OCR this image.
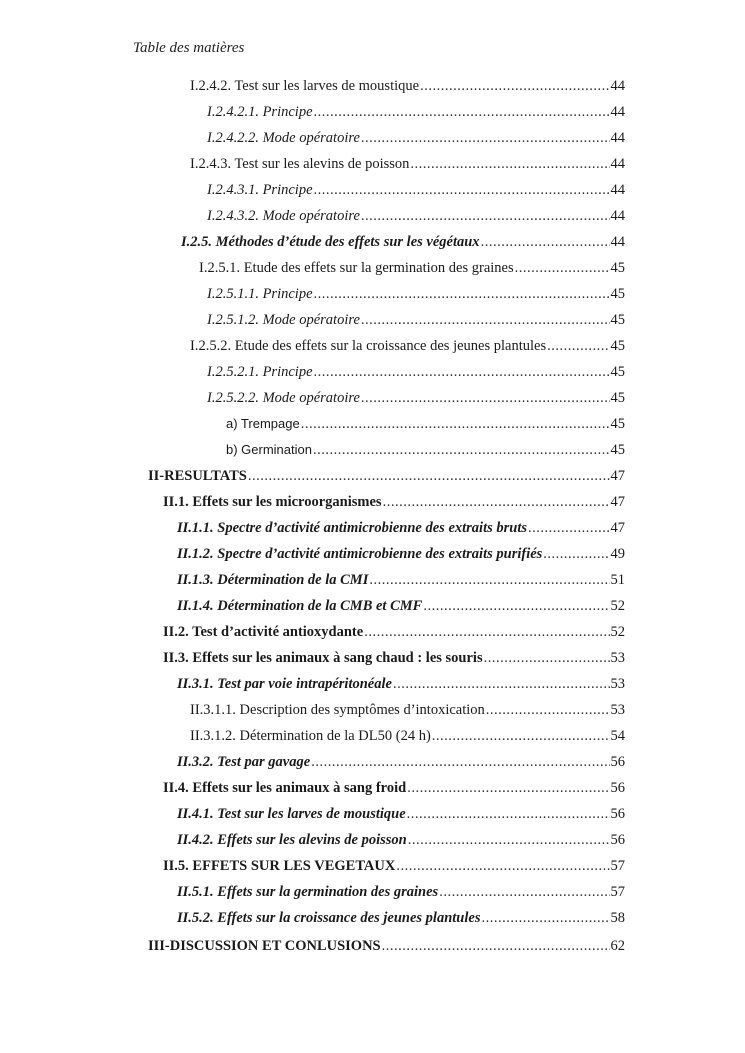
Table des matières
I.2.4.2. Test sur les larves de moustique .....	44
I.2.4.2.1. Principe .....	44
I.2.4.2.2. Mode opératoire .....	44
I.2.4.3. Test sur les alevins de poisson .....	44
I.2.4.3.1. Principe .....	44
I.2.4.3.2. Mode opératoire .....	44
I.2.5. Méthodes d’étude des effets sur les végétaux .....	44
I.2.5.1. Etude des effets sur la germination des graines .....	45
I.2.5.1.1. Principe .....	45
I.2.5.1.2. Mode opératoire .....	45
I.2.5.2. Etude des effets sur la croissance des jeunes plantules .....	45
I.2.5.2.1. Principe .....	45
I.2.5.2.2. Mode opératoire .....	45
a) Trempage .....	45
b) Germination .....	45
II-RESULTATS .....	47
II.1. Effets sur les microorganismes .....	47
II.1.1. Spectre d’activité antimicrobienne des extraits bruts .....	47
II.1.2. Spectre d’activité antimicrobienne des extraits purifiés .....	49
II.1.3. Détermination de la CMI .....	51
II.1.4. Détermination de la CMB et CMF .....	52
II.2. Test d’activité antioxydante .....	52
II.3. Effets sur les animaux à sang chaud : les souris .....	53
II.3.1. Test par voie intrapéritonéale .....	53
II.3.1.1. Description des symptômes d’intoxication .....	53
II.3.1.2. Détermination de la DL50 (24 h) .....	54
II.3.2. Test par gavage .....	56
II.4. Effets sur les animaux à sang froid .....	56
II.4.1. Test sur les larves de moustique .....	56
II.4.2. Effets sur les alevins de poisson .....	56
II.5. EFFETS SUR LES VEGETAUX .....	57
II.5.1. Effets sur la germination des graines .....	57
II.5.2. Effets sur la croissance des jeunes plantules .....	58
III-DISCUSSION ET CONLUSIONS .....	62
